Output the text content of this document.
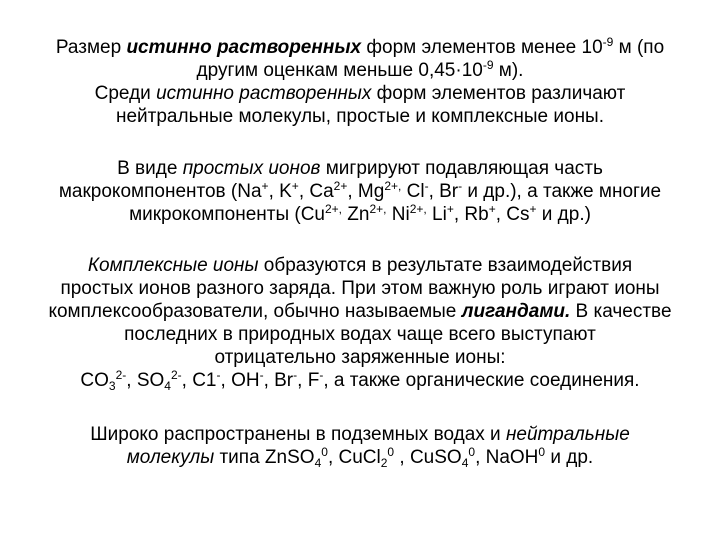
Размер истинно растворенных форм элементов менее $10^{-9}$ м (по
другим оценкам меньше $0,45\cdot 10^{-9}$ м).
Среди истинно растворенных форм элементов различают
нейтральные молекулы, простые и комплексные ионы.

В виде простых ионов мигрируют подавляющая часть
макрокомпонентов (Na+, K+, $Ca^{2+}$, $Mg^{2+,}$ Cl-, Br- и др.), а также многие
микрокомпоненты ($Cu^{2+,}$ $Zn^{2+,}$ $Ni^{2+,}$ Li+, Rb+, Cs+ и др.)

Комплексные ионы образуются в результате взаимодействия
простых ионов разного заряда. При этом важную роль играют ионы
комплексообразователи, обычно называемые лигандами. В качестве
последних в природных водах чаще всего выступают
отрицательно заряженные ионы:
$CO_3^{2-}$, $SO_4^{2-}$, C1-, OH-, Br-, F-, а также органические соединения.

Широко распространены в подземных водах и нейтральные
молекулы типа ZnSO$_4^0$, CuCl$_2^0$ , CuSO$_4^0$, NaOH$^0$ и др.
